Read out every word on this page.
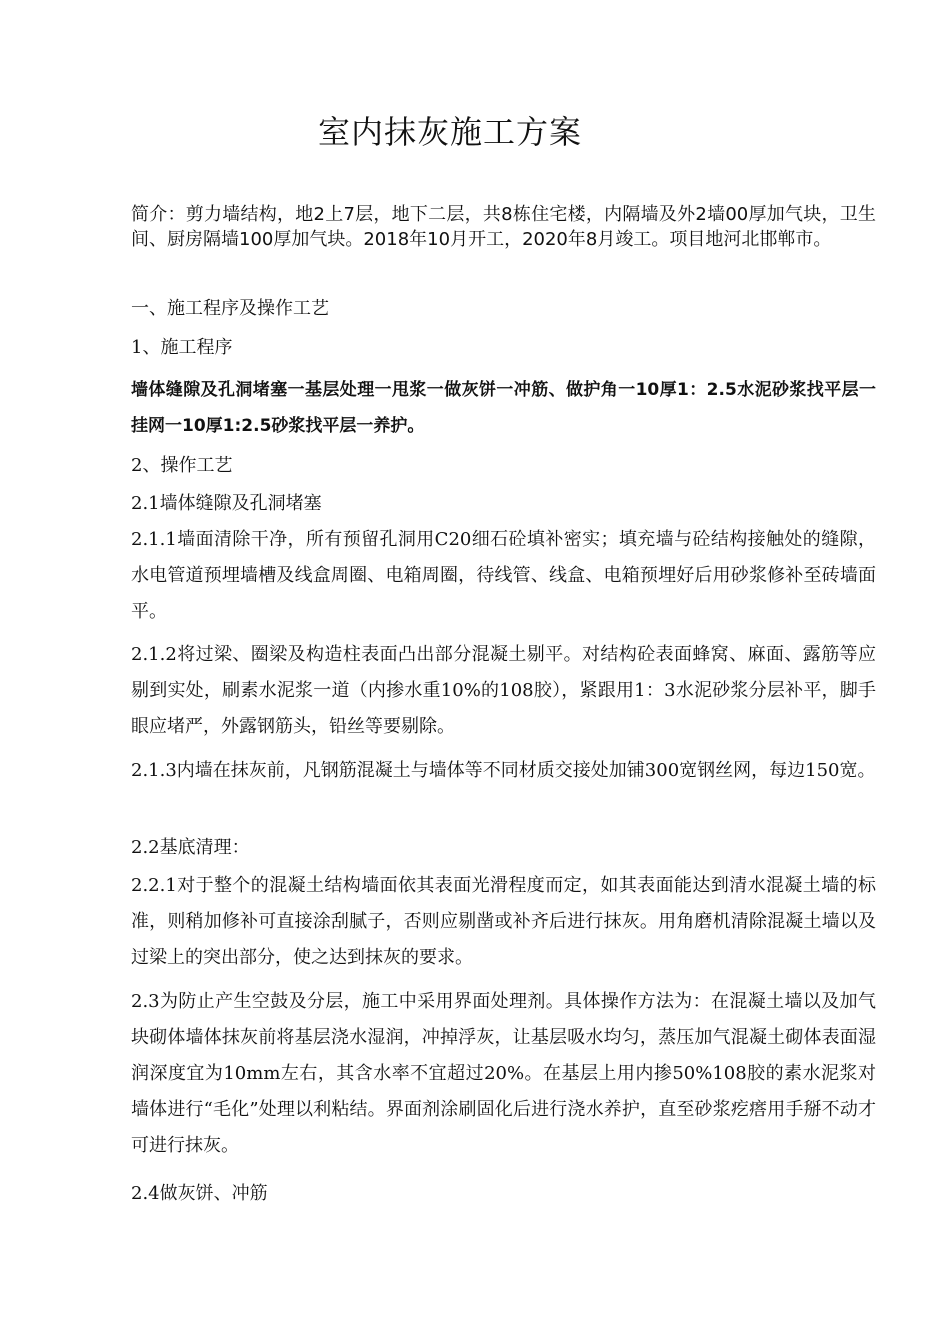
室内抹灰施工方案
简介：剪力墙结构，地2上7层，地下二层，共8栋住宅楼，内隔墙及外2墙00厚加气块，卫生间、厨房隔墙100厚加气块。2018年10月开工，2020年8月竣工。项目地河北邯郸市。
一、施工程序及操作工艺
1、施工程序
墙体缝隙及孔洞堵塞一基层处理一甩浆一做灰饼一冲筋、做护角一10厚1：2.5水泥砂浆找平层一挂网一10厚1:2.5砂浆找平层一养护。
2、操作工艺
2.1墙体缝隙及孔洞堵塞
2.1.1墙面清除干净，所有预留孔洞用C20细石砼填补密实；填充墙与砼结构接触处的缝隙，水电管道预埋墙槽及线盒周圈、电箱周圈，待线管、线盒、电箱预埋好后用砂浆修补至砖墙面平。
2.1.2将过梁、圈梁及构造柱表面凸出部分混凝土剔平。对结构砼表面蜂窝、麻面、露筋等应剔到实处，刷素水泥浆一道（内掺水重10%的108胶），紧跟用1：3水泥砂浆分层补平，脚手眼应堵严，外露钢筋头，铅丝等要剔除。
2.1.3内墙在抹灰前，凡钢筋混凝土与墙体等不同材质交接处加铺300宽钢丝网，每边150宽。
2.2基底清理：
2.2.1对于整个的混凝土结构墙面依其表面光滑程度而定，如其表面能达到清水混凝土墙的标准，则稍加修补可直接涂刮腻子，否则应剔凿或补齐后进行抹灰。用角磨机清除混凝土墙以及过梁上的突出部分，使之达到抹灰的要求。
2.3为防止产生空鼓及分层，施工中采用界面处理剂。具体操作方法为：在混凝土墙以及加气块砌体墙体抹灰前将基层浇水湿润，冲掉浮灰，让基层吸水均匀，蒸压加气混凝土砌体表面湿润深度宜为10mm左右，其含水率不宜超过20%。在基层上用内掺50%108胶的素水泥浆对墙体进行“毛化”处理以利粘结。界面剂涂刷固化后进行浇水养护，直至砂浆疙瘩用手掰不动才可进行抹灰。
2.4做灰饼、冲筋
